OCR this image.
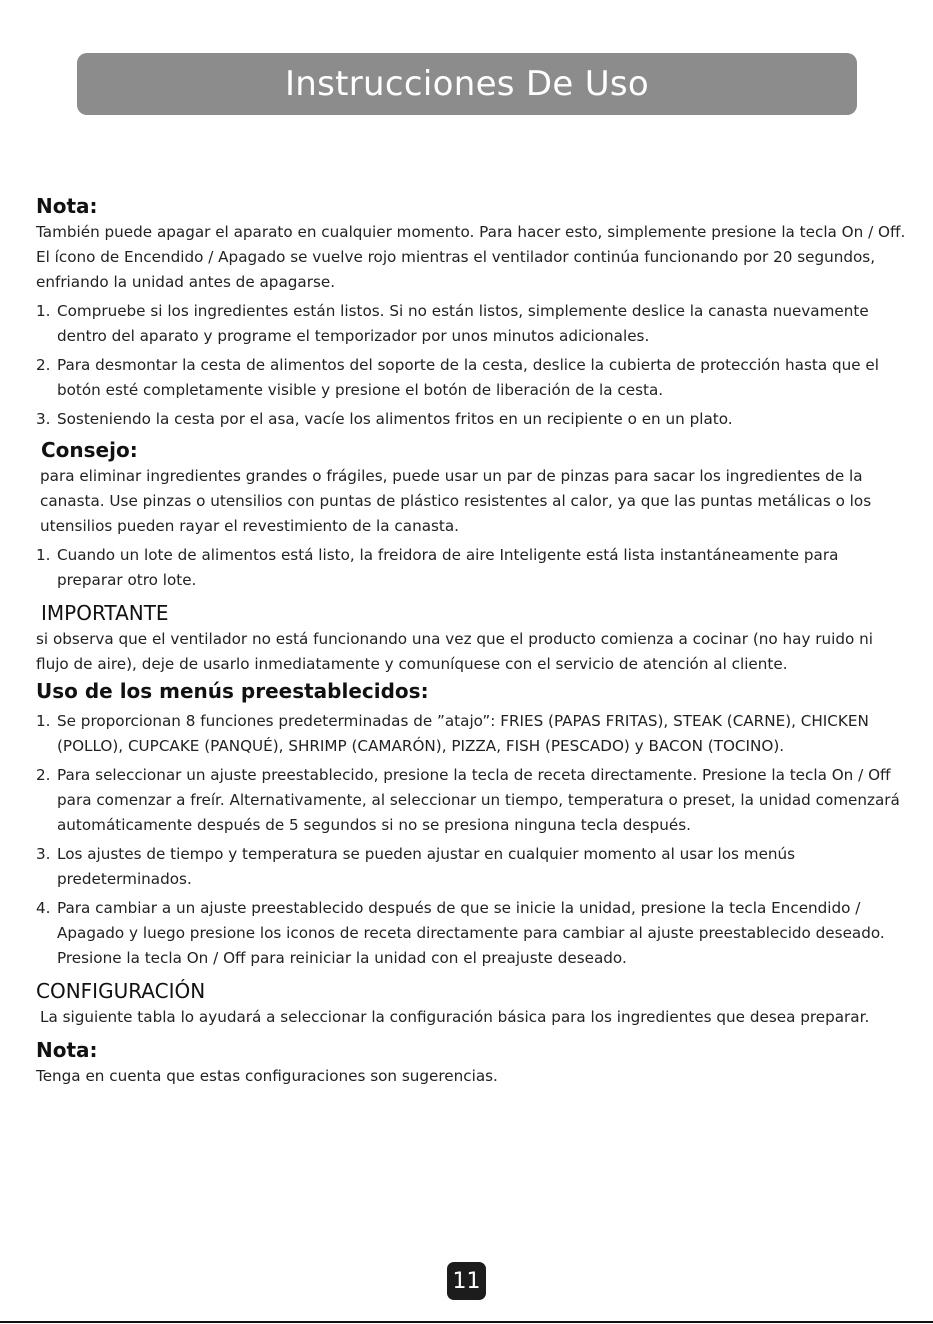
Instrucciones De Uso
Nota:

También puede apagar el aparato en cualquier momento. Para hacer esto, simplemente presione la tecla On / Off. El ícono de Encendido / Apagado se vuelve rojo mientras el ventilador continúa funcionando por 20 segundos, enfriando la unidad antes de apagarse.

1. Compruebe si los ingredientes están listos. Si no están listos, simplemente deslice la canasta nuevamente dentro del aparato y programe el temporizador por unos minutos adicionales.
2. Para desmontar la cesta de alimentos del soporte de la cesta, deslice la cubierta de protección hasta que el botón esté completamente visible y presione el botón de liberación de la cesta.
3. Sosteniendo la cesta por el asa, vacíe los alimentos fritos en un recipiente o en un plato.
Consejo:

para eliminar ingredientes grandes o frágiles, puede usar un par de pinzas para sacar los ingredientes de la canasta. Use pinzas o utensilios con puntas de plástico resistentes al calor, ya que las puntas metálicas o los utensilios pueden rayar el revestimiento de la canasta.

1. Cuando un lote de alimentos está listo, la freidora de aire Inteligente está lista instantáneamente para preparar otro lote.
IMPORTANTE

si observa que el ventilador no está funcionando una vez que el producto comienza a cocinar (no hay ruido ni flujo de aire), deje de usarlo inmediatamente y comuníquese con el servicio de atención al cliente.

Uso de los menús preestablecidos:
1. Se proporcionan 8 funciones predeterminadas de ”atajo”: FRIES (PAPAS FRITAS), STEAK (CARNE), CHICKEN (POLLO), CUPCAKE (PANQUÉ), SHRIMP (CAMARÓN), PIZZA, FISH (PESCADO) y BACON (TOCINO).
2. Para seleccionar un ajuste preestablecido, presione la tecla de receta directamente. Presione la tecla On / Off para comenzar a freír. Alternativamente, al seleccionar un tiempo, temperatura o preset, la unidad comenzará automáticamente después de 5 segundos si no se presiona ninguna tecla después.
3. Los ajustes de tiempo y temperatura se pueden ajustar en cualquier momento al usar los menús predeterminados.
4. Para cambiar a un ajuste preestablecido después de que se inicie la unidad, presione la tecla Encendido / Apagado y luego presione los iconos de receta directamente para cambiar al ajuste preestablecido deseado. Presione la tecla On / Off para reiniciar la unidad con el preajuste deseado.
CONFIGURACIÓN

La siguiente tabla lo ayudará a seleccionar la configuración básica para los ingredientes que desea preparar.

Nota:

Tenga en cuenta que estas configuraciones son sugerencias.

11
